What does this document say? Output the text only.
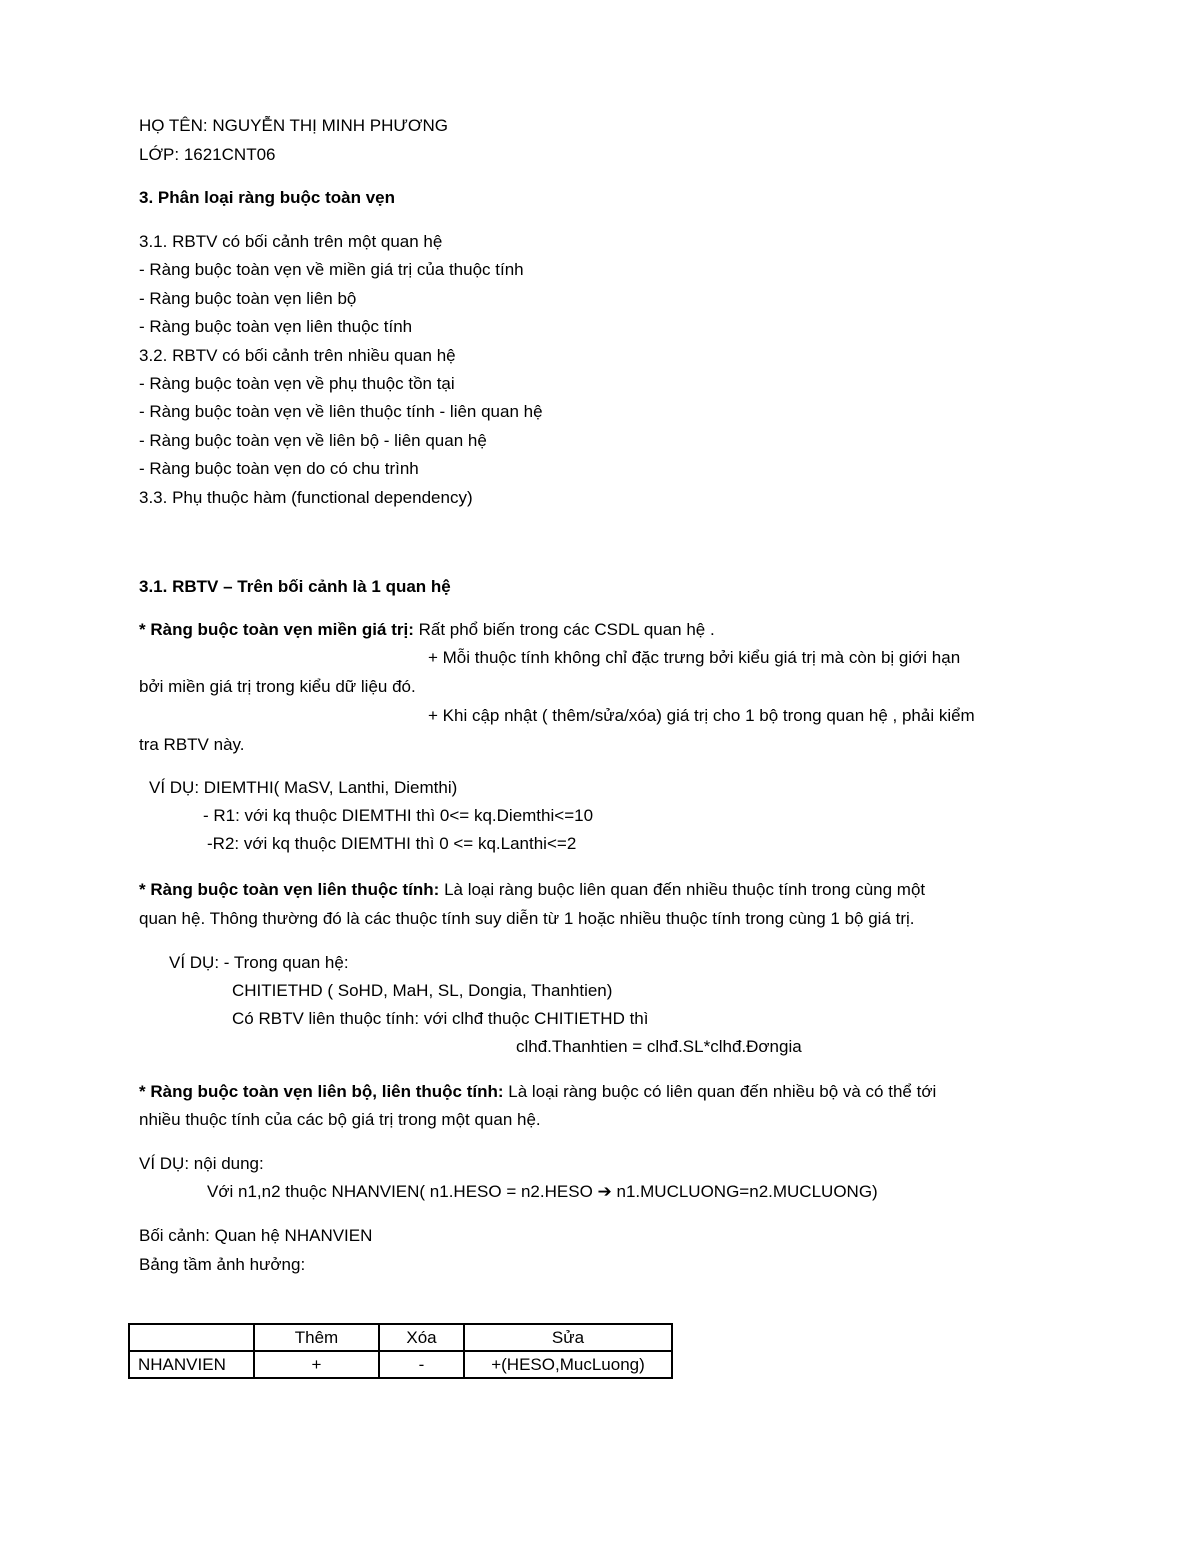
HỌ TÊN: NGUYỄN THỊ MINH PHƯƠNG
LỚP: 1621CNT06
3. Phân loại ràng buộc toàn vẹn
3.1. RBTV có bối cảnh trên một quan hệ
- Ràng buộc toàn vẹn về miền giá trị của thuộc tính
- Ràng buộc toàn vẹn liên bộ
- Ràng buộc toàn vẹn liên thuộc tính
3.2. RBTV có bối cảnh trên nhiều quan hệ
- Ràng buộc toàn vẹn về phụ thuộc tồn tại
- Ràng buộc toàn vẹn về liên thuộc tính - liên quan hệ
- Ràng buộc toàn vẹn về liên bộ - liên quan hệ
- Ràng buộc toàn vẹn do có chu trình
3.3. Phụ thuộc hàm (functional dependency)
3.1. RBTV – Trên bối cảnh là 1 quan hệ
* Ràng buộc toàn vẹn miền giá trị: Rất phổ biến trong các CSDL quan hệ .
+ Mỗi thuộc tính không chỉ đặc trưng bởi kiểu giá trị mà còn bị giới hạn
bởi miền giá trị trong kiểu dữ liệu đó.
+ Khi cập nhật ( thêm/sửa/xóa) giá trị cho 1 bộ trong quan hệ , phải kiểm
tra RBTV này.
VÍ DỤ: DIEMTHI( MaSV, Lanthi, Diemthi)
- R1: với kq thuộc DIEMTHI thì 0<= kq.Diemthi<=10
-R2: với kq thuộc DIEMTHI thì 0 <= kq.Lanthi<=2
* Ràng buộc toàn vẹn liên thuộc tính: Là loại ràng buộc liên quan đến nhiều thuộc tính trong cùng một
quan hệ. Thông thường đó là các thuộc tính suy diễn từ 1 hoặc nhiều thuộc tính trong cùng 1 bộ giá trị.
VÍ DỤ: - Trong quan hệ:
CHITIETHD ( SoHD, MaH, SL, Dongia, Thanhtien)
Có RBTV liên thuộc tính: với clhđ thuộc CHITIETHD thì
clhđ.Thanhtien = clhđ.SL*clhđ.Đơngia
* Ràng buộc toàn vẹn liên bộ, liên thuộc tính: Là loại ràng buộc có liên quan đến nhiều bộ và có thể tới
nhiều thuộc tính của các bộ giá trị trong một quan hệ.
VÍ DỤ: nội dung:
Với n1,n2 thuộc NHANVIEN( n1.HESO = n2.HESO ➔ n1.MUCLUONG=n2.MUCLUONG)
Bối cảnh: Quan hệ NHANVIEN
Bảng tầm ảnh hưởng:
	Thêm	Xóa	Sửa
NHANVIEN	+	-	+(HESO,MucLuong)
